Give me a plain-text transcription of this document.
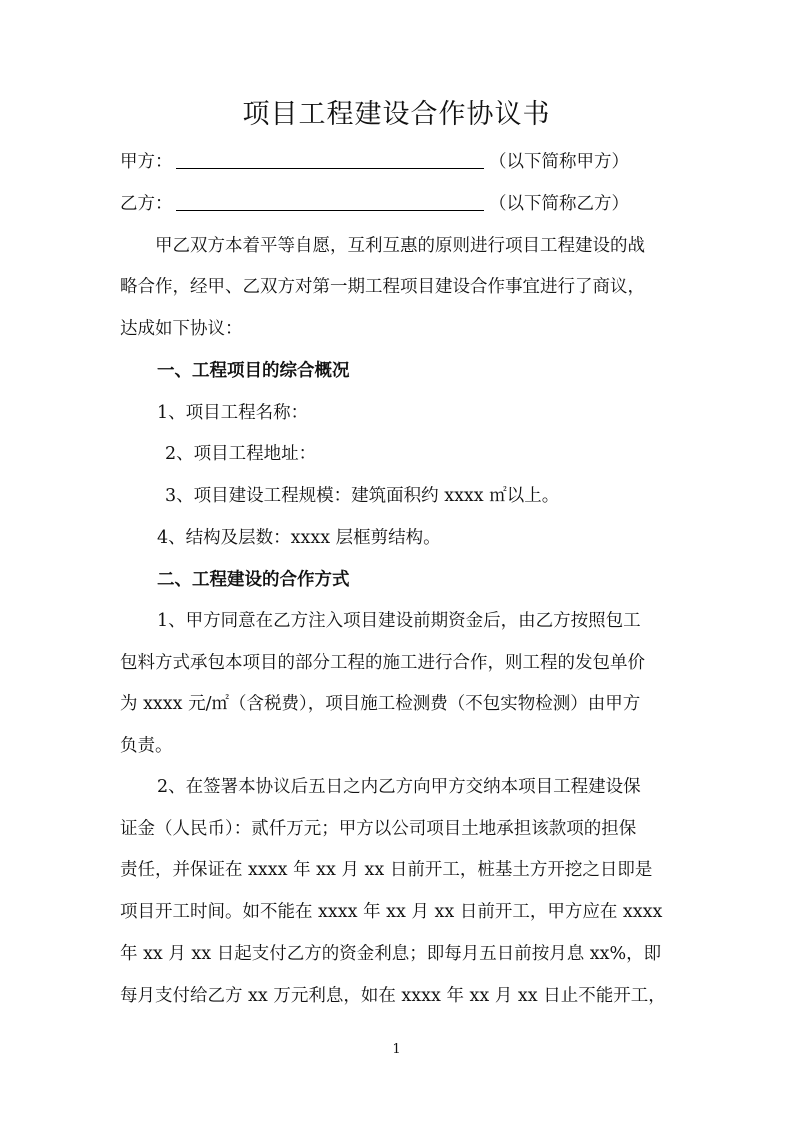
项目工程建设合作协议书
甲方：	（以下简称甲方）
乙方：	（以下简称乙方）
甲乙双方本着平等自愿，互利互惠的原则进行项目工程建设的战
略合作，经甲、乙双方对第一期工程项目建设合作事宜进行了商议，
达成如下协议：
一、工程项目的综合概况
1、项目工程名称：
2、项目工程地址：
3、项目建设工程规模：建筑面积约 xxxx ㎡以上。
4、结构及层数：xxxx 层框剪结构。
二、工程建设的合作方式
1、甲方同意在乙方注入项目建设前期资金后，由乙方按照包工
包料方式承包本项目的部分工程的施工进行合作，则工程的发包单价
为 xxxx 元/㎡（含税费），项目施工检测费（不包实物检测）由甲方
负责。
2、在签署本协议后五日之内乙方向甲方交纳本项目工程建设保
证金（人民币）：贰仟万元；甲方以公司项目土地承担该款项的担保
责任，并保证在 xxxx 年 xx 月 xx 日前开工，桩基土方开挖之日即是
项目开工时间。如不能在 xxxx 年 xx 月 xx 日前开工，甲方应在 xxxx
年 xx 月 xx 日起支付乙方的资金利息；即每月五日前按月息 xx%，即
每月支付给乙方 xx 万元利息，如在 xxxx 年 xx 月 xx 日止不能开工，
1
